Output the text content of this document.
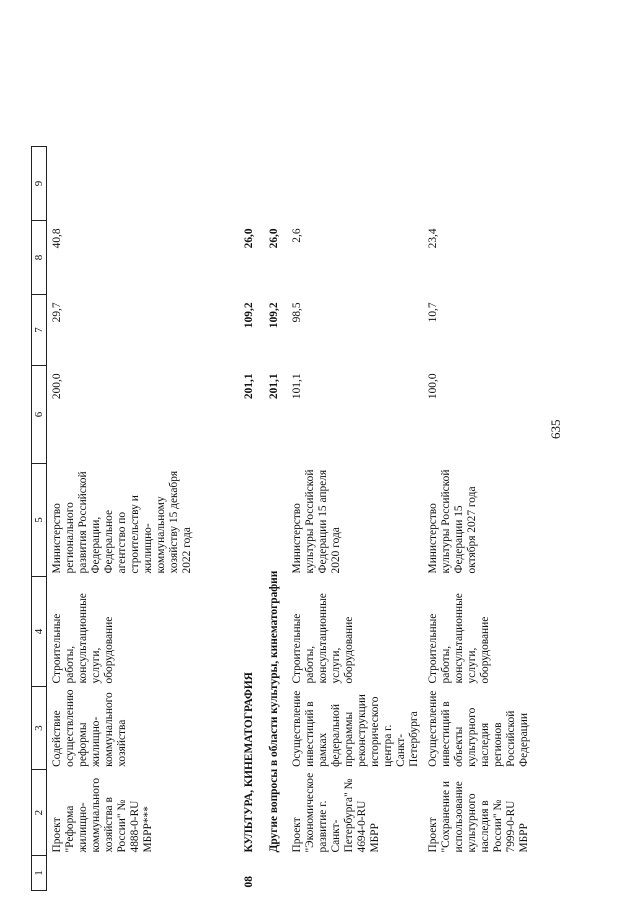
635
1	2	3	4	5	6	7	8	9
	Проект "Реформа жилищно-коммунального хозяйства в России" № 4888-0-RU МБРР***	Содействие осуществлению реформы жилищно-коммунального хозяйства	Строительные работы, консультационные услуги, оборудование	Министерство регионального развития Российской Федерации, Федеральное агентство по строительству и жилищно-коммунальному хозяйству 15 декабря 2022 года	200,0	29,7	40,8	
08	КУЛЬТУРА, КИНЕМАТОГРАФИЯ				201,1	109,2	26,0	
	Другие вопросы в области культуры, кинематографии				201,1	109,2	26,0	
	Проект "Экономическое развитие г. Санкт-Петербурга" № 4694-0-RU МБРР	Осуществление инвестиций в рамках федеральной программы реконструкции исторического центра г. Санкт-Петербурга	Строительные работы, консультационные услуги, оборудование	Министерство культуры Российской Федерации 15 апреля 2020 года	101,1	98,5	2,6	
	Проект "Сохранение и использование культурного наследия в России" № 7999-0-RU МБРР	Осуществление инвестиций в объекты культурного наследия регионов Российской Федерации	Строительные работы, консультационные услуги, оборудование	Министерство культуры Российской Федерации 15 октября 2027 года	100,0	10,7	23,4	
